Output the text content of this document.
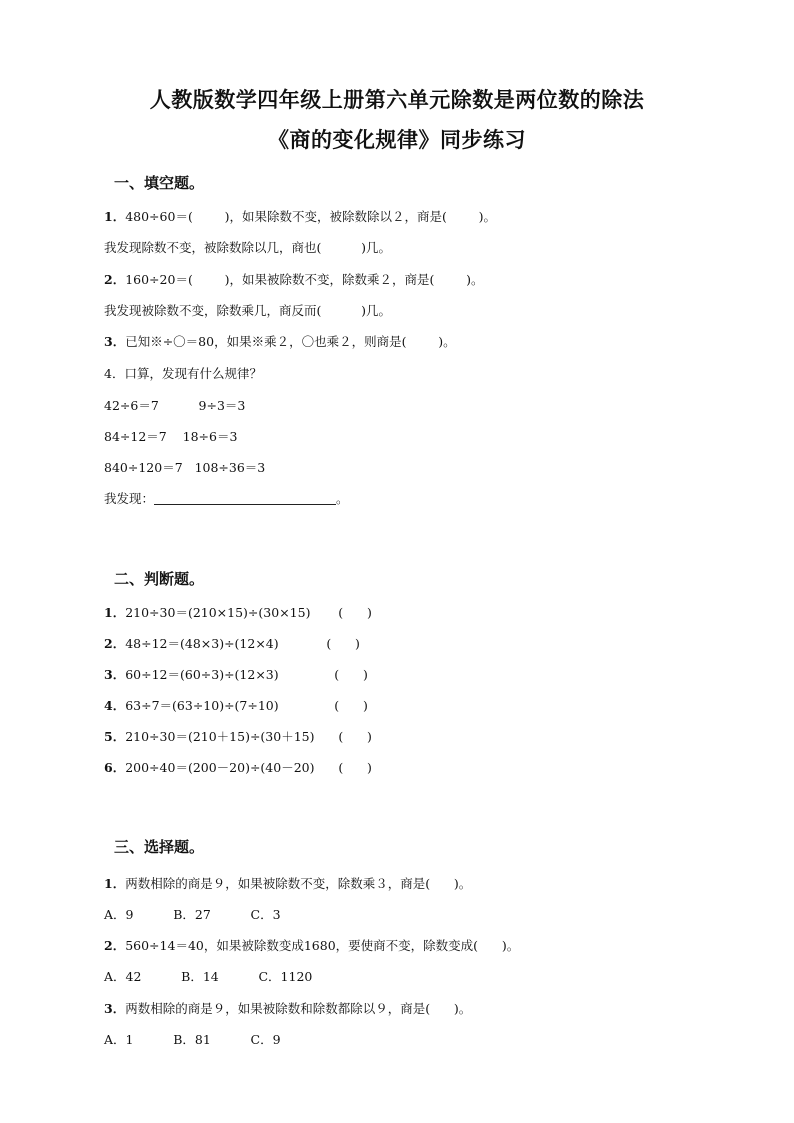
人教版数学四年级上册第六单元除数是两位数的除法
《商的变化规律》同步练习
一、填空题。
1．480÷60＝(        )，如果除数不变，被除数除以２，商是(        )。
我发现除数不变，被除数除以几，商也(          )几。
2．160÷20＝(        )，如果被除数不变，除数乘２，商是(        )。
我发现被除数不变，除数乘几，商反而(          )几。
3．已知※÷〇＝80，如果※乘２，〇也乘２，则商是(        )。
4．口算，发现有什么规律？
42÷6＝7          9÷3＝3
84÷12＝7    18÷6＝3
840÷120＝7   108÷36＝3
我发现：	。
二、判断题。
1．210÷30＝(210×15)÷(30×15)       (      )
2．48÷12＝(48×3)÷(12×4)            (      )
3．60÷12＝(60÷3)÷(12×3)              (      )
4．63÷7＝(63÷10)÷(7÷10)              (      )
5．210÷30＝(210＋15)÷(30＋15)      (      )
6．200÷40＝(200－20)÷(40－20)      (      )
三、选择题。
1．两数相除的商是９，如果被除数不变，除数乘３，商是(      )。
A．9          B．27          C．3
2．560÷14＝40，如果被除数变成1680，要使商不变，除数变成(      )。
A．42          B．14          C．1120
3．两数相除的商是９，如果被除数和除数都除以９，商是(      )。
A．1          B．81          C．9
